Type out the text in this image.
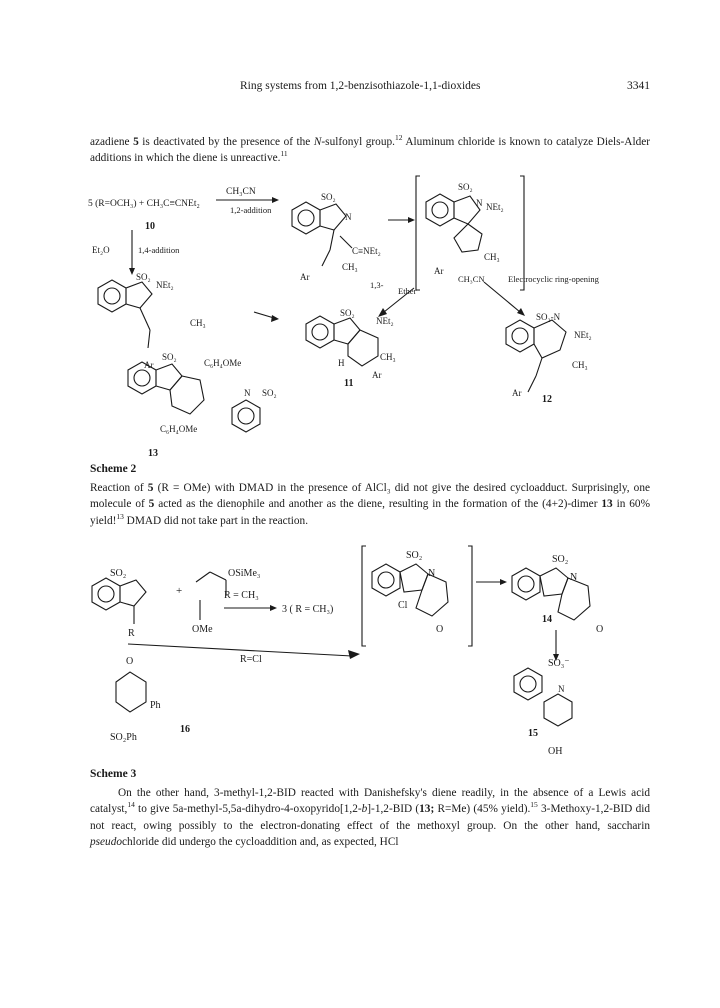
Ring systems from 1,2-benzisothiazole-1,1-dioxides	3341
azadiene 5 is deactivated by the presence of the N-sulfonyl group.$^{12}$ Aluminum chloride is known to catalyze Diels-Alder additions in which the diene is unreactive.$^{11}$
5 (R=OCH₃) + CH₃C≡CNEt₂
10
CH₃CN
1,2-addition
Et₂O	1,4-addition
SO₂
N
C≡NEt₂
CH₃
Ar
SO₂
N NEt₂
CH₃
Ar
SO₂
NEt₂
CH₃
Ar
1,3-
Ether
CH₃CN	Electrocyclic ring-opening
SO₂
NEt₂
CH₃
H
Ar
11
SO₂-N
NEt₂
CH₃
Ar
12
SO₂
C₆H₄OMe
C₆H₄OMe
N SO₂
13
Scheme 2
Reaction of 5 (R = OMe) with DMAD in the presence of AlCl₃ did not give the desired cycloadduct. Surprisingly, one molecule of 5 acted as the dienophile and another as the diene, resulting in the formation of the (4+2)-dimer 13 in 60% yield!$^{13}$ DMAD did not take part in the reaction.
SO₂
R
+
OSiMe₃
OMe
R = CH₃
3 ( R = CH₃)
R=Cl
SO₂
N
Cl
O
SO₂
N
O
14
SO₃⁻
N
OH
15
O
Ph
SO₂Ph
16
Scheme 3
On the other hand, 3-methyl-1,2-BID reacted with Danishefsky's diene readily, in the absence of a Lewis acid catalyst,$^{14}$ to give 5a-methyl-5,5a-dihydro-4-oxopyrido[1,2-b]-1,2-BID (13; R=Me) (45% yield).$^{15}$ 3-Methoxy-1,2-BID did not react, owing possibly to the electron-donating effect of the methoxyl group. On the other hand, saccharin pseudochloride did undergo the cycloaddition and, as expected, HCl
